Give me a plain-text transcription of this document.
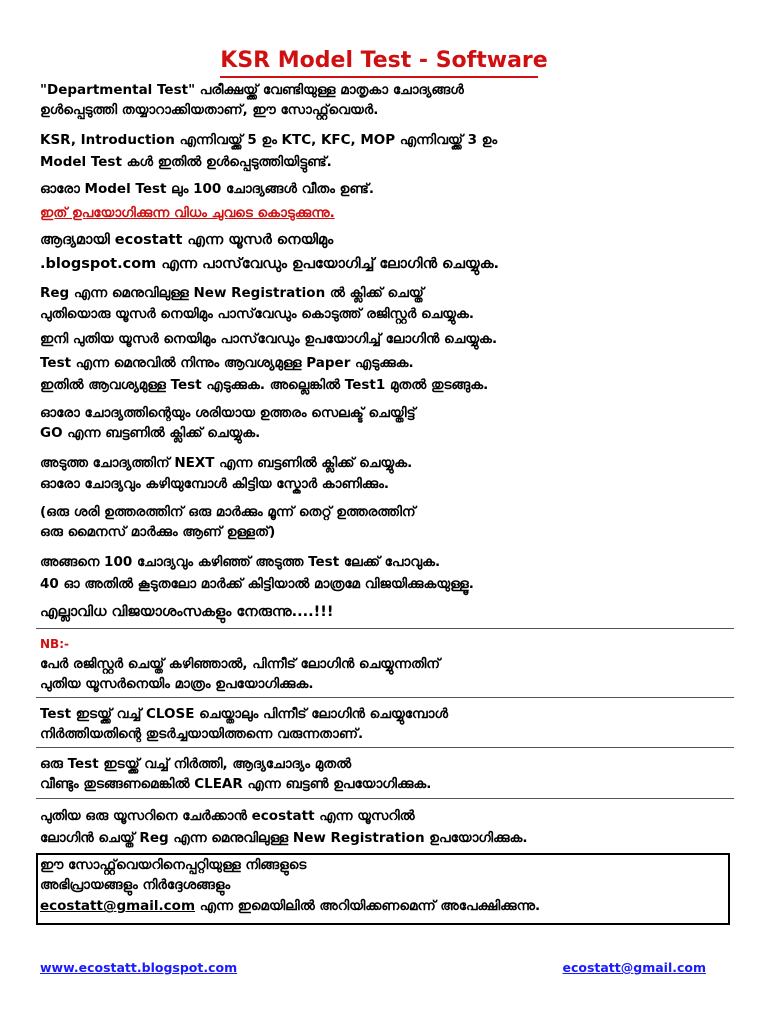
KSR Model Test - Software
"Departmental Test" പരീക്ഷയ്ക്ക് വേണ്ടിയുള്ള മാതൃകാ ചോദ്യങ്ങൾ
ഉൾപ്പെടുത്തി തയ്യാറാക്കിയതാണ്, ഈ സോഫ്റ്റ്‌വെയർ.
KSR, Introduction എന്നിവയ്ക്ക് 5 ഉം KTC, KFC, MOP എന്നിവയ്ക്ക് 3 ഉം
Model Test കൾ ഇതിൽ ഉൾപ്പെടുത്തിയിട്ടുണ്ട്.
ഓരോ Model Test ലും 100 ചോദ്യങ്ങൾ വീതം ഉണ്ട്.
ഇത് ഉപയോഗിക്കുന്ന വിധം ചുവടെ കൊടുക്കുന്നു.
ആദ്യമായി ecostatt എന്ന യൂസർ നെയിമും
.blogspot.com എന്ന പാസ്‌വേഡും ഉപയോഗിച്ച് ലോഗിൻ ചെയ്യുക.
Reg എന്ന മെനുവിലുള്ള New Registration ൽ ക്ലിക്ക് ചെയ്ത്
പുതിയൊരു യൂസർ നെയിമും പാസ്‌വേഡും കൊടുത്ത് രജിസ്റ്റർ ചെയ്യുക.
ഇനി പുതിയ യൂസർ നെയിമും പാസ്‌വേഡും ഉപയോഗിച്ച് ലോഗിൻ ചെയ്യുക.
Test എന്ന മെനുവിൽ നിന്നും ആവശ്യമുള്ള Paper എടുക്കുക.
ഇതിൽ ആവശ്യമുള്ള Test എടുക്കുക. അല്ലെങ്കിൽ Test1 മുതൽ തുടങ്ങുക.
ഓരോ ചോദ്യത്തിന്റെയും ശരിയായ ഉത്തരം സെലക്ട് ചെയ്തിട്ട്
GO എന്ന ബട്ടണിൽ ക്ലിക്ക് ചെയ്യുക.
അടുത്ത ചോദ്യത്തിന് NEXT എന്ന ബട്ടണിൽ ക്ലിക്ക് ചെയ്യുക.
ഓരോ ചോദ്യവും കഴിയുമ്പോൾ കിട്ടിയ സ്കോർ കാണിക്കും.
(ഒരു ശരി ഉത്തരത്തിന് ഒരു മാർക്കും മൂന്ന് തെറ്റ് ഉത്തരത്തിന്
ഒരു മൈനസ് മാർക്കും ആണ് ഉള്ളത്)
അങ്ങനെ 100 ചോദ്യവും കഴിഞ്ഞ് അടുത്ത Test ലേക്ക് പോവുക.
40 ഓ അതിൽ കൂടുതലോ മാർക്ക് കിട്ടിയാൽ മാത്രമേ വിജയിക്കുകയുള്ളൂ.
എല്ലാവിധ വിജയാശംസകളും നേരുന്നു....!!!
NB:-
പേർ രജിസ്റ്റർ ചെയ്ത് കഴിഞ്ഞാൽ, പിന്നീട് ലോഗിൻ ചെയ്യുന്നതിന്
പുതിയ യൂസർനെയിം മാത്രം ഉപയോഗിക്കുക.
Test ഇടയ്ക്ക് വച്ച് CLOSE ചെയ്താലും പിന്നീട് ലോഗിൻ ചെയ്യുമ്പോൾ
നിർത്തിയതിന്റെ തുടർച്ചയായിത്തന്നെ വരുന്നതാണ്.
ഒരു Test ഇടയ്ക്ക് വച്ച് നിർത്തി, ആദ്യചോദ്യം മുതൽ
വീണ്ടും തുടങ്ങണമെങ്കിൽ CLEAR എന്ന ബട്ടൺ ഉപയോഗിക്കുക.
പുതിയ ഒരു യൂസറിനെ ചേർക്കാൻ ecostatt എന്ന യൂസറിൽ
ലോഗിൻ ചെയ്ത് Reg എന്ന മെനുവിലുള്ള New Registration ഉപയോഗിക്കുക.
ഈ സോഫ്റ്റ്‌വെയറിനെപ്പറ്റിയുള്ള നിങ്ങളുടെ
അഭിപ്രായങ്ങളും നിർദ്ദേശങ്ങളും
ecostatt@gmail.com എന്ന ഇമെയിലിൽ അറിയിക്കണമെന്ന് അപേക്ഷിക്കുന്നു.
www.ecostatt.blogspot.com	ecostatt@gmail.com
